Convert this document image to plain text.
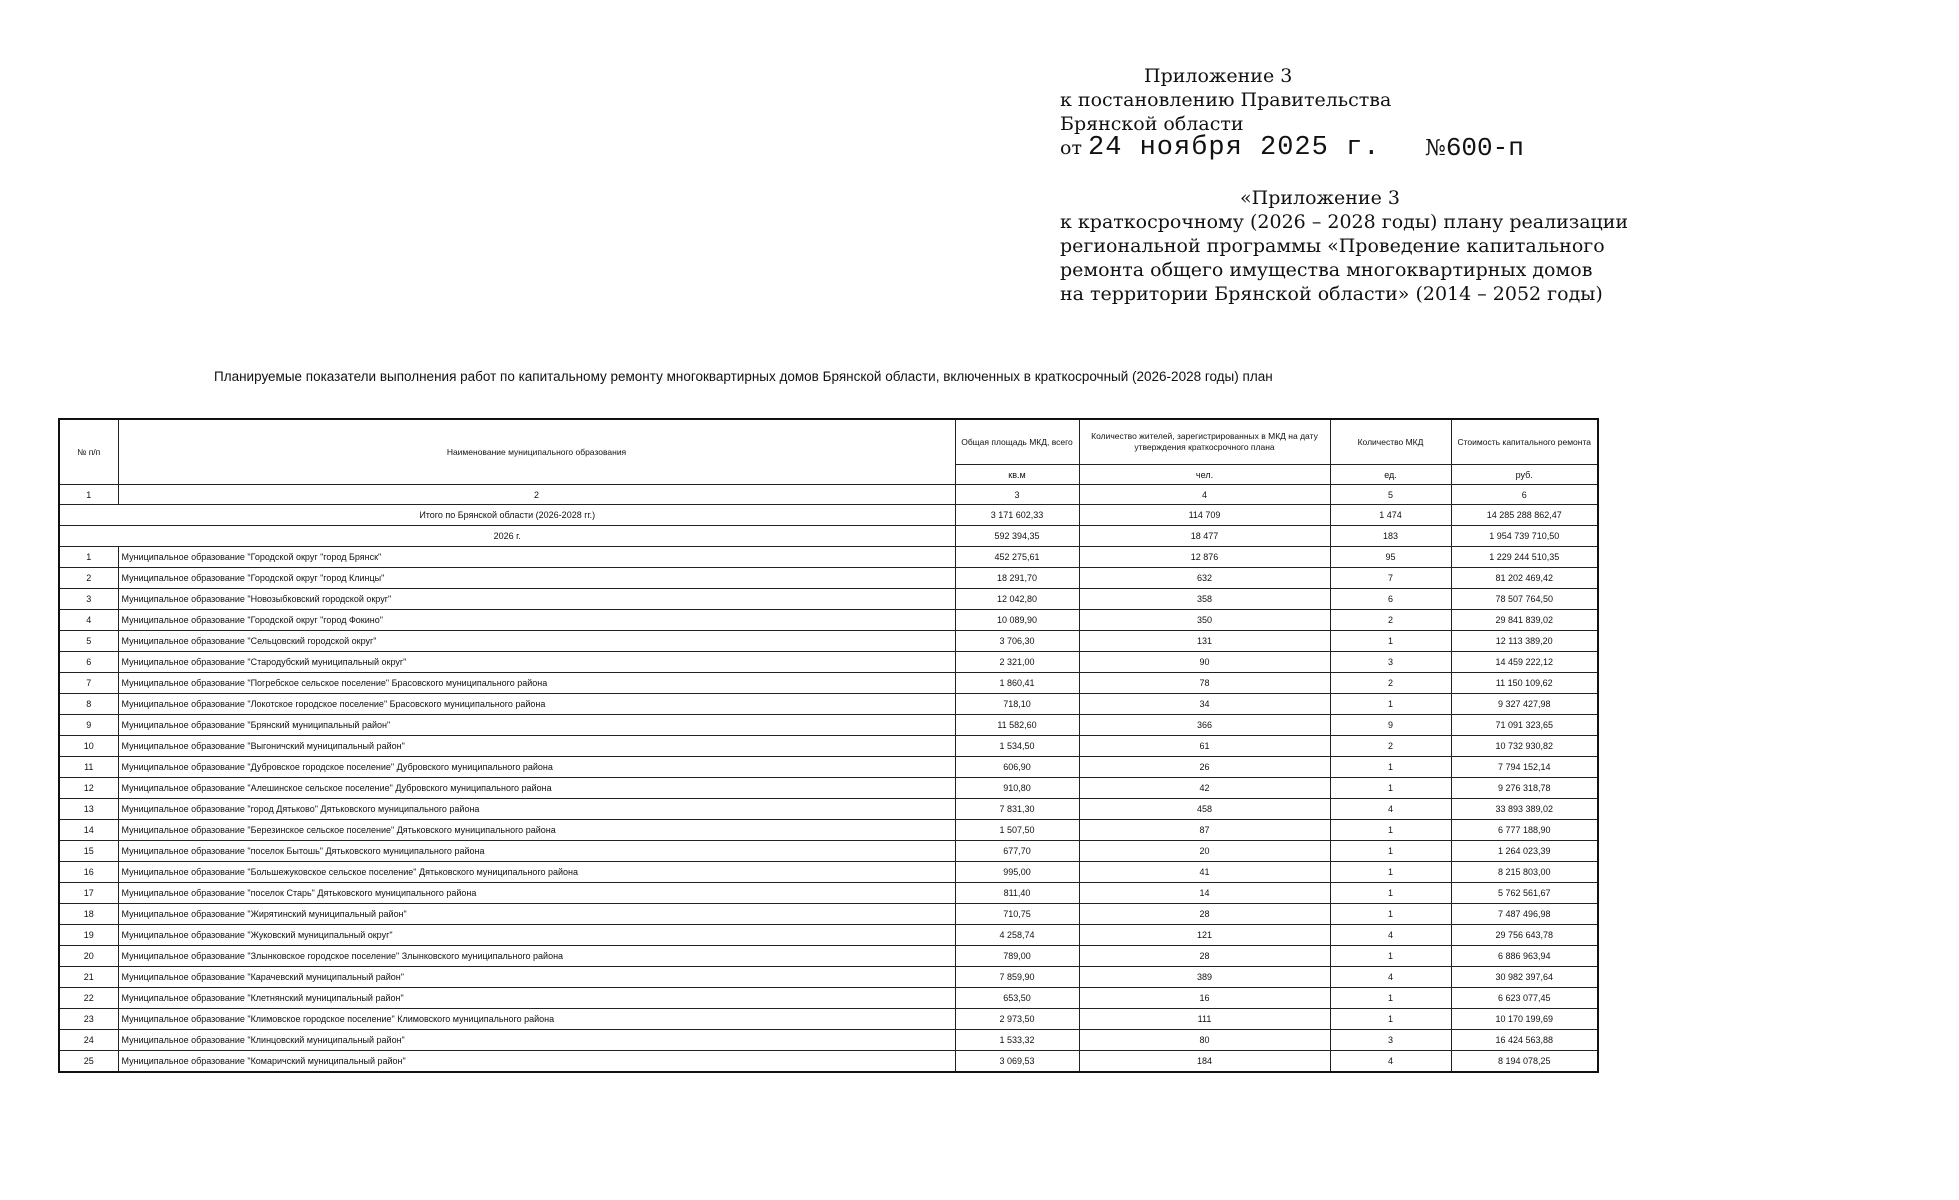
Приложение 3
к постановлению Правительства
Брянской области
от 24 ноября 2025 г. №600-п
«Приложение 3
к краткосрочному (2026 – 2028 годы) плану реализации
региональной программы «Проведение капитального
ремонта общего имущества многоквартирных домов
на территории Брянской области» (2014 – 2052 годы)
Планируемые показатели выполнения работ по капитальному ремонту многоквартирных домов Брянской области, включенных в краткосрочный (2026-2028 годы) план
№ п/п	Наименование муниципального образования	Общая площадь МКД, всего	Количество жителей, зарегистрированных в МКД на дату утверждения краткосрочного плана	Количество МКД	Стоимость капитального ремонта
		кв.м	чел.	ед.	руб.
1	2	3	4	5	6
Итого по Брянской области (2026-2028 гг.)		3 171 602,33	114 709	1 474	14 285 288 862,47
2026 г.		592 394,35	18 477	183	1 954 739 710,50
1	Муниципальное образование "Городской округ "город Брянск"	452 275,61	12 876	95	1 229 244 510,35
2	Муниципальное образование "Городской округ "город Клинцы"	18 291,70	632	7	81 202 469,42
3	Муниципальное образование "Новозыбковский городской округ"	12 042,80	358	6	78 507 764,50
4	Муниципальное образование "Городской округ "город Фокино"	10 089,90	350	2	29 841 839,02
5	Муниципальное образование "Сельцовский городской округ"	3 706,30	131	1	12 113 389,20
6	Муниципальное образование "Стародубский муниципальный округ"	2 321,00	90	3	14 459 222,12
7	Муниципальное образование "Погребское сельское поселение" Брасовского муниципального района	1 860,41	78	2	11 150 109,62
8	Муниципальное образование "Локотское городское поселение" Брасовского муниципального района	718,10	34	1	9 327 427,98
9	Муниципальное образование "Брянский муниципальный район"	11 582,60	366	9	71 091 323,65
10	Муниципальное образование "Выгоничский муниципальный район"	1 534,50	61	2	10 732 930,82
11	Муниципальное образование "Дубровское городское поселение" Дубровского муниципального района	606,90	26	1	7 794 152,14
12	Муниципальное образование "Алешинское сельское поселение" Дубровского муниципального района	910,80	42	1	9 276 318,78
13	Муниципальное образование "город Дятьково" Дятьковского муниципального района	7 831,30	458	4	33 893 389,02
14	Муниципальное образование "Березинское сельское поселение" Дятьковского муниципального района	1 507,50	87	1	6 777 188,90
15	Муниципальное образование "поселок Бытошь" Дятьковского муниципального района	677,70	20	1	1 264 023,39
16	Муниципальное образование "Большежуковское сельское поселение" Дятьковского муниципального района	995,00	41	1	8 215 803,00
17	Муниципальное образование "поселок Старь" Дятьковского муниципального района	811,40	14	1	5 762 561,67
18	Муниципальное образование "Жирятинский муниципальный район"	710,75	28	1	7 487 496,98
19	Муниципальное образование "Жуковский муниципальный округ"	4 258,74	121	4	29 756 643,78
20	Муниципальное образование "Злынковское городское поселение" Злынковского муниципального района	789,00	28	1	6 886 963,94
21	Муниципальное образование "Карачевский муниципальный район"	7 859,90	389	4	30 982 397,64
22	Муниципальное образование "Клетнянский муниципальный район"	653,50	16	1	6 623 077,45
23	Муниципальное образование "Климовское городское поселение" Климовского муниципального района	2 973,50	111	1	10 170 199,69
24	Муниципальное образование "Клинцовский муниципальный район"	1 533,32	80	3	16 424 563,88
25	Муниципальное образование "Комаричский муниципальный район"	3 069,53	184	4	8 194 078,25
